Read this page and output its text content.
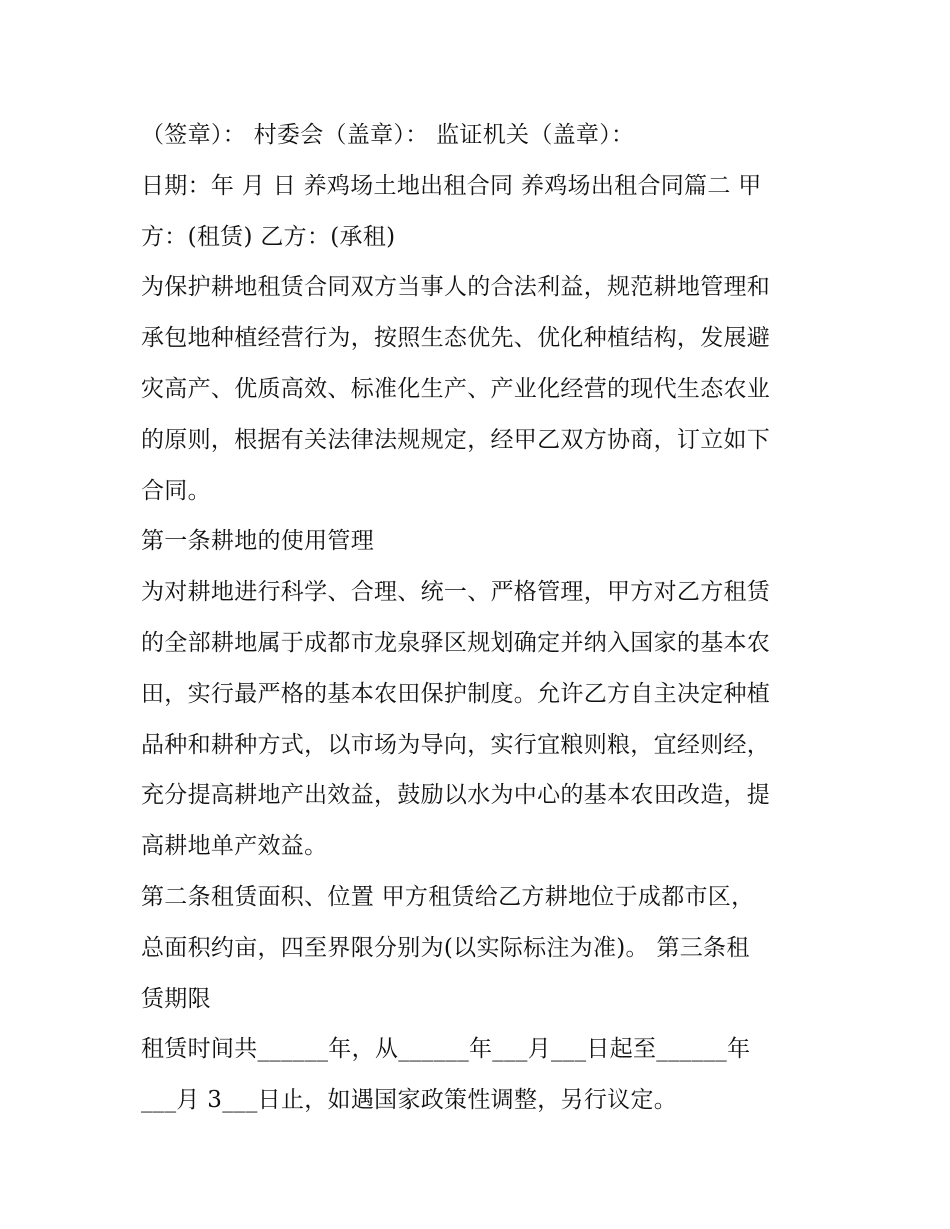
（签章）： 村委会（盖章）： 监证机关（盖章）：
日期：年 月 日 养鸡场土地出租合同 养鸡场出租合同篇二 甲
方：(租赁) 乙方：(承租)
为保护耕地租赁合同双方当事人的合法利益，规范耕地管理和
承包地种植经营行为，按照生态优先、优化种植结构，发展避
灾高产、优质高效、标准化生产、产业化经营的现代生态农业
的原则，根据有关法律法规规定，经甲乙双方协商，订立如下
合同。
第一条耕地的使用管理
为对耕地进行科学、合理、统一、严格管理，甲方对乙方租赁
的全部耕地属于成都市龙泉驿区规划确定并纳入国家的基本农
田，实行最严格的基本农田保护制度。允许乙方自主决定种植
品种和耕种方式，以市场为导向，实行宜粮则粮，宜经则经，
充分提高耕地产出效益，鼓励以水为中心的基本农田改造，提
高耕地单产效益。
第二条租赁面积、位置 甲方租赁给乙方耕地位于成都市区，
总面积约亩，四至界限分别为(以实际标注为准)。 第三条租
赁期限
租赁时间共______年，从______年___月___日起至______年
___月 3___日止，如遇国家政策性调整，另行议定。
